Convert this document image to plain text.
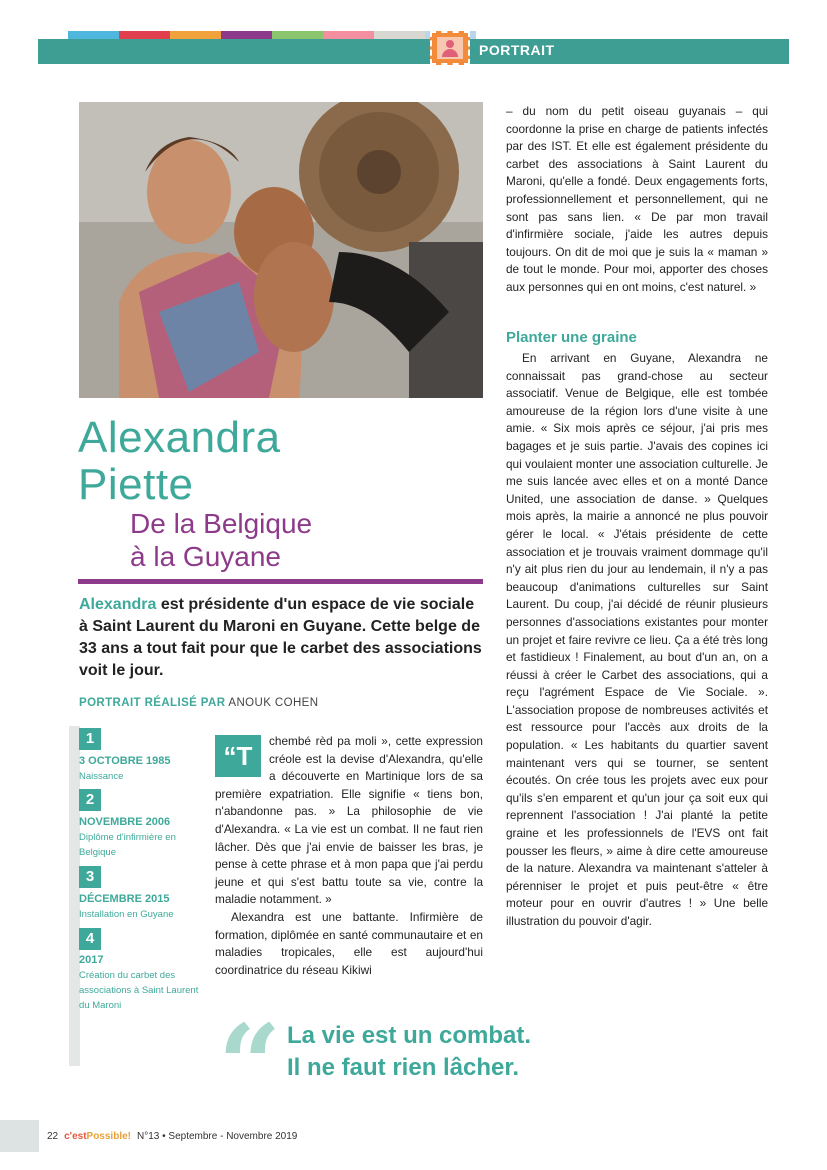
PORTRAIT
Alexandra
Piette
De la Belgique
à la Guyane
Alexandra est présidente d'un espace de vie sociale à Saint Laurent du Maroni en Guyane. Cette belge de 33 ans a tout fait pour que le carbet des associations voit le jour.
PORTRAIT RÉALISÉ PAR ANOUK COHEN
1
3 OCTOBRE 1985
Naissance
2
NOVEMBRE 2006
Diplôme d'infirmière en Belgique
3
DÉCEMBRE 2015
Installation en Guyane
4
2017
Création du carbet des associations à Saint Laurent du Maroni

“T	chembé rèd pa moli », cette expression créole est la devise d'Alexandra, qu'elle a découverte en Martinique lors de sa première expatriation. Elle signifie « tiens bon, n'abandonne pas. » La philosophie de vie d'Alexandra. « La vie est un combat. Il ne faut rien lâcher. Dès que j'ai envie de baisser les bras, je pense à cette phrase et à mon papa que j'ai perdu jeune et qui s'est battu toute sa vie, contre la maladie notamment. »

Alexandra est une battante. Infirmière de formation, diplômée en santé communautaire et en maladies tropicales, elle est aujourd'hui coordinatrice du réseau Kikiwi

– du nom du petit oiseau guyanais – qui coordonne la prise en charge de patients infectés par des IST. Et elle est également présidente du carbet des associations à Saint Laurent du Maroni, qu'elle a fondé. Deux engagements forts, professionnellement et personnellement, qui ne sont pas sans lien. « De par mon travail d'infirmière sociale, j'aide les autres depuis toujours. On dit de moi que je suis la « maman » de tout le monde. Pour moi, apporter des choses aux personnes qui en ont moins, c'est naturel. »

Planter une graine

En arrivant en Guyane, Alexandra ne connaissait pas grand-chose au secteur associatif. Venue de Belgique, elle est tombée amoureuse de la région lors d'une visite à une amie. « Six mois après ce séjour, j'ai pris mes bagages et je suis partie. J'avais des copines ici qui voulaient monter une association culturelle. Je me suis lancée avec elles et on a monté Dance United, une association de danse. » Quelques mois après, la mairie a annoncé ne plus pouvoir gérer le local. « J'étais présidente de cette association et je trouvais vraiment dommage qu'il n'y ait plus rien du jour au lendemain, il n'y a pas beaucoup d'animations culturelles sur Saint Laurent. Du coup, j'ai décidé de réunir plusieurs personnes d'associations existantes pour monter un projet et faire revivre ce lieu. Ça a été très long et fastidieux ! Finalement, au bout d'un an, on a réussi à créer le Carbet des associations, qui a reçu l'agrément Espace de Vie Sociale. ». L'association propose de nombreuses activités et est ressource pour l'accès aux droits de la population. « Les habitants du quartier savent maintenant vers qui se tourner, se sentent écoutés. On crée tous les projets avec eux pour qu'ils s'en emparent et qu'un jour ça soit eux qui reprennent l'association ! J'ai planté la petite graine et les professionnels de l'EVS ont fait pousser les fleurs, » aime à dire cette amoureuse de la nature. Alexandra va maintenant s'atteler à pérenniser le projet et puis peut-être « être moteur pour en ouvrir d'autres ! » Une belle illustration du pouvoir d'agir.

“ La vie est un combat.
Il ne faut rien lâcher.
22 c'estPossible! N°13 • Septembre - Novembre 2019
